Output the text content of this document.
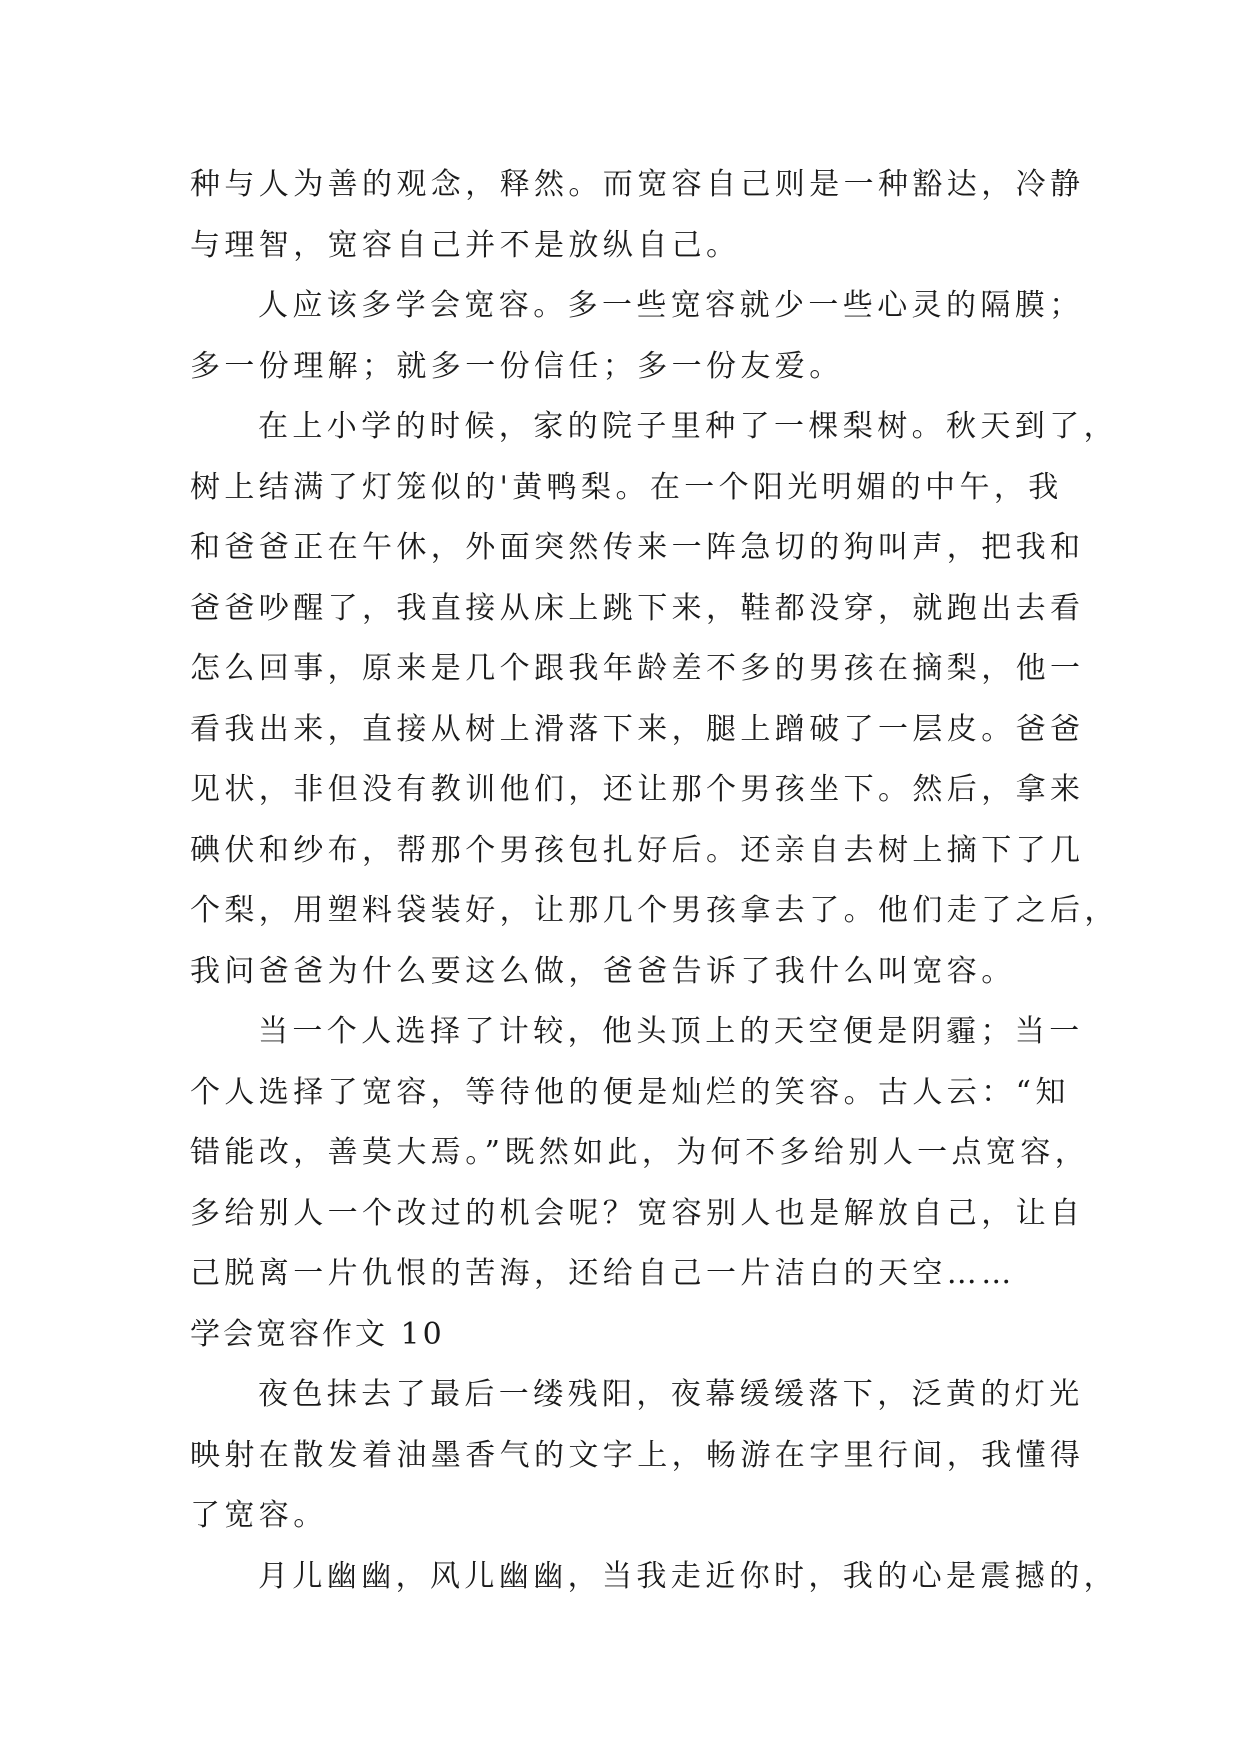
种与人为善的观念，释然。而宽容自己则是一种豁达，冷静
与理智，宽容自己并不是放纵自己。
人应该多学会宽容。多一些宽容就少一些心灵的隔膜；
多一份理解；就多一份信任；多一份友爱。
在上小学的时候，家的院子里种了一棵梨树。秋天到了，
树上结满了灯笼似的'黄鸭梨。在一个阳光明媚的中午，我
和爸爸正在午休，外面突然传来一阵急切的狗叫声，把我和
爸爸吵醒了，我直接从床上跳下来，鞋都没穿，就跑出去看
怎么回事，原来是几个跟我年龄差不多的男孩在摘梨，他一
看我出来，直接从树上滑落下来，腿上蹭破了一层皮。爸爸
见状，非但没有教训他们，还让那个男孩坐下。然后，拿来
碘伏和纱布，帮那个男孩包扎好后。还亲自去树上摘下了几
个梨，用塑料袋装好，让那几个男孩拿去了。他们走了之后，
我问爸爸为什么要这么做，爸爸告诉了我什么叫宽容。
当一个人选择了计较，他头顶上的天空便是阴霾；当一
个人选择了宽容，等待他的便是灿烂的笑容。古人云：“知
错能改，善莫大焉。”既然如此，为何不多给别人一点宽容，
多给别人一个改过的机会呢？宽容别人也是解放自己，让自
己脱离一片仇恨的苦海，还给自己一片洁白的天空……
学会宽容作文 10
夜色抹去了最后一缕残阳，夜幕缓缓落下，泛黄的灯光
映射在散发着油墨香气的文字上，畅游在字里行间，我懂得
了宽容。
月儿幽幽，风儿幽幽，当我走近你时，我的心是震撼的，
